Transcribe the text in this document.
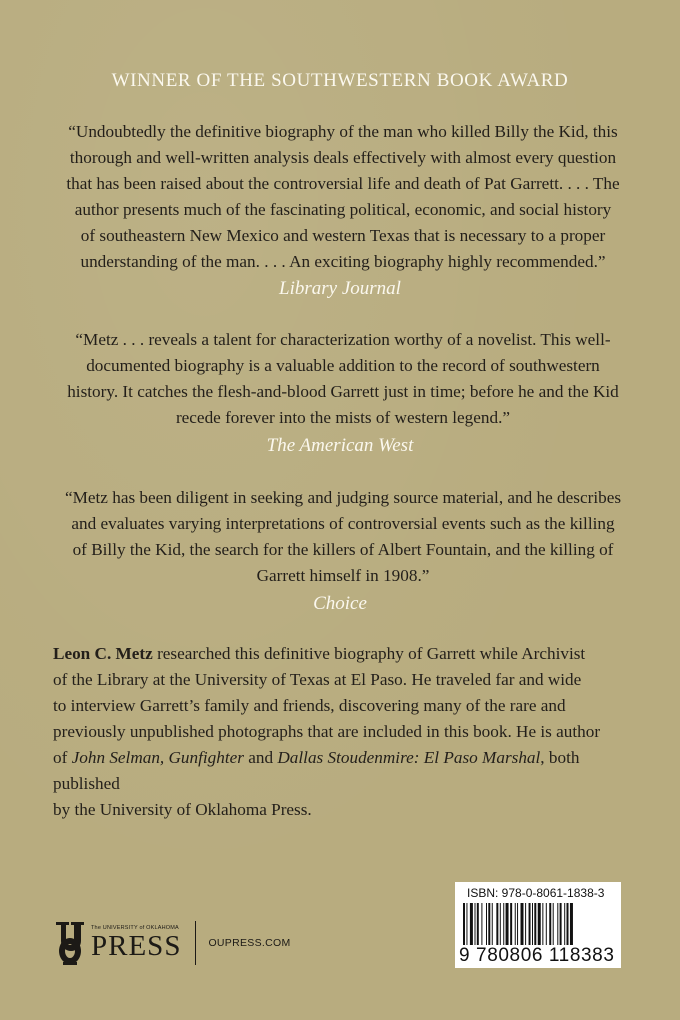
WINNER OF THE SOUTHWESTERN BOOK AWARD

“Undoubtedly the definitive biography of the man who killed Billy the Kid, this
thorough and well-written analysis deals effectively with almost every question
that has been raised about the controversial life and death of Pat Garrett. . . . The
author presents much of the fascinating political, economic, and social history
of southeastern New Mexico and western Texas that is necessary to a proper
understanding of the man. . . . An exciting biography highly recommended.”

Library Journal

“Metz . . . reveals a talent for characterization worthy of a novelist. This well-
documented biography is a valuable addition to the record of southwestern
history. It catches the flesh-and-blood Garrett just in time; before he and the Kid
recede forever into the mists of western legend.”

The American West

“Metz has been diligent in seeking and judging source material, and he describes
and evaluates varying interpretations of controversial events such as the killing
of Billy the Kid, the search for the killers of Albert Fountain, and the killing of
Garrett himself in 1908.”

Choice

Leon C. Metz researched this definitive biography of Garrett while Archivist
of the Library at the University of Texas at El Paso. He traveled far and wide
to interview Garrett’s family and friends, discovering many of the rare and
previously unpublished photographs that are included in this book. He is author
of John Selman, Gunfighter and Dallas Stoudenmire: El Paso Marshal, both published
by the University of Oklahoma Press.

The UNIVERSITY of OKLAHOMA
PRESS	OUPRESS.COM
ISBN: 978-0-8061-1838-3
9 780806 118383
